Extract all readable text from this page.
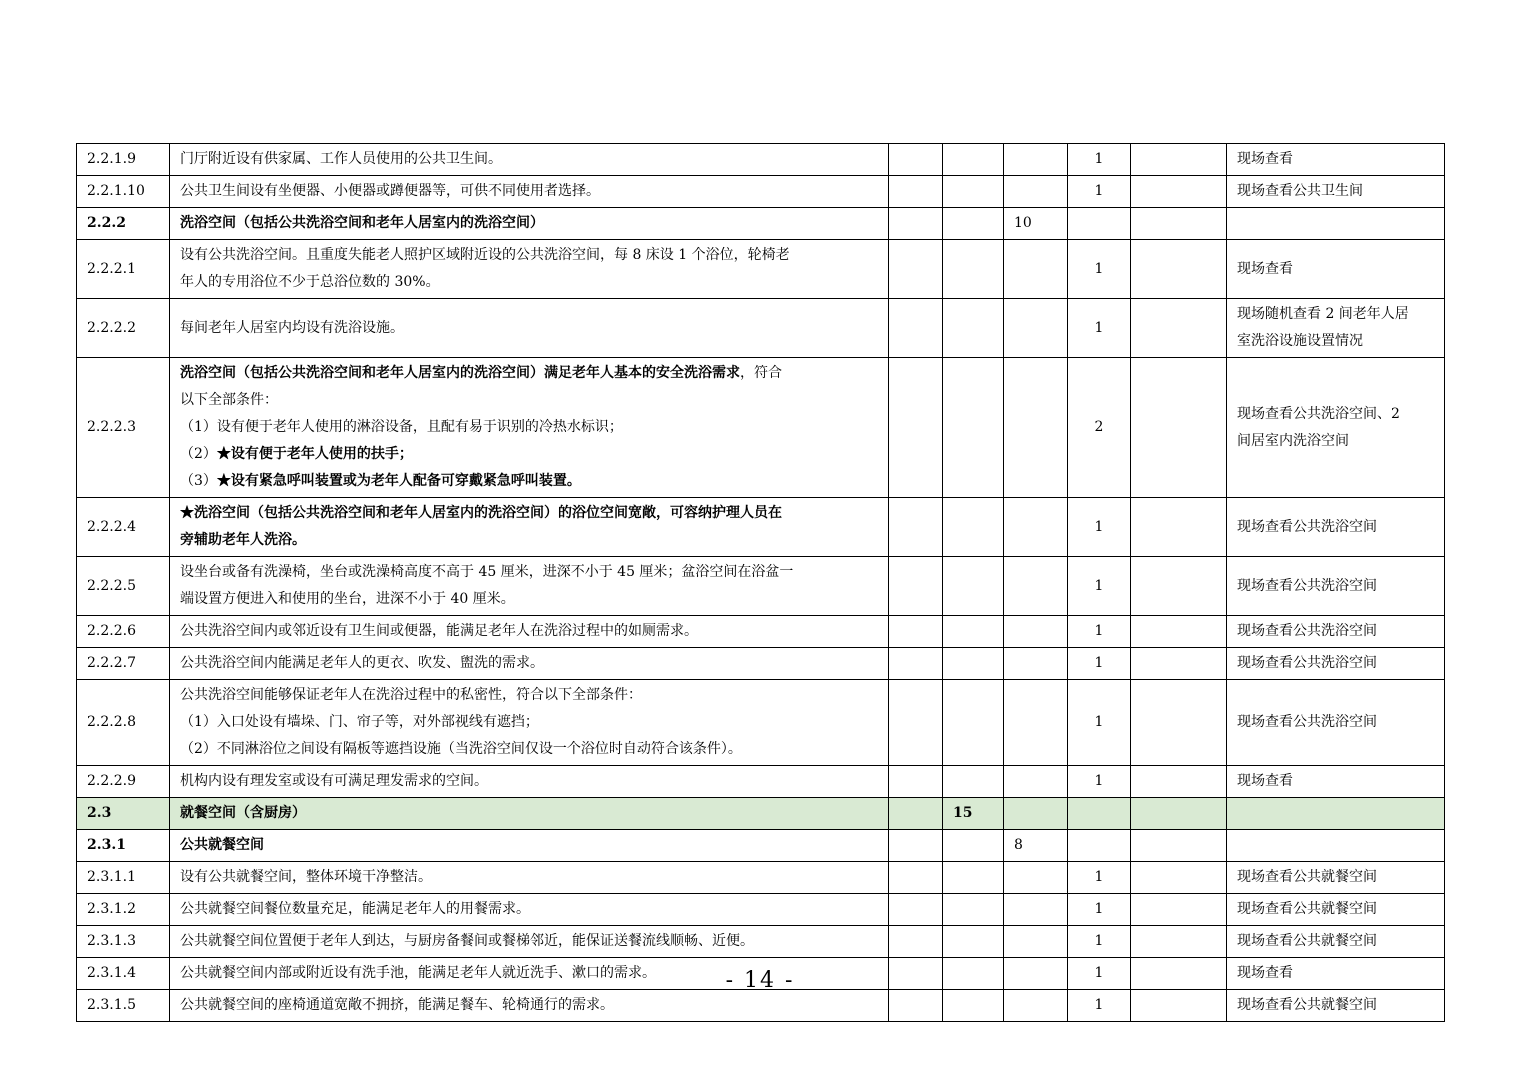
2.2.1.9	门厅附近设有供家属、工作人员使用的公共卫生间。				1		现场查看
2.2.1.10	公共卫生间设有坐便器、小便器或蹲便器等，可供不同使用者选择。				1		现场查看公共卫生间
2.2.2	洗浴空间（包括公共洗浴空间和老年人居室内的洗浴空间）			10			
2.2.2.1	设有公共洗浴空间。且重度失能老人照护区域附近设的公共洗浴空间，每 8 床设 1 个浴位，轮椅老
年人的专用浴位不少于总浴位数的 30%。				1		现场查看
2.2.2.2	每间老年人居室内均设有洗浴设施。				1		现场随机查看 2 间老年人居
室洗浴设施设置情况

2.2.2.3	洗浴空间（包括公共洗浴空间和老年人居室内的洗浴空间）满足老年人基本的安全洗浴需求，符合
以下全部条件：
（1）设有便于老年人使用的淋浴设备，且配有易于识别的冷热水标识；
（2）★设有便于老年人使用的扶手；
（3）★设有紧急呼叫装置或为老年人配备可穿戴紧急呼叫装置。				2		现场查看公共洗浴空间、2
间居室内洗浴空间

2.2.2.4	★洗浴空间（包括公共洗浴空间和老年人居室内的洗浴空间）的浴位空间宽敞，可容纳护理人员在
旁辅助老年人洗浴。				1		现场查看公共洗浴空间
2.2.2.5	设坐台或备有洗澡椅，坐台或洗澡椅高度不高于 45 厘米，进深不小于 45 厘米；盆浴空间在浴盆一
端设置方便进入和使用的坐台，进深不小于 40 厘米。				1		现场查看公共洗浴空间
2.2.2.6	公共洗浴空间内或邻近设有卫生间或便器，能满足老年人在洗浴过程中的如厕需求。				1		现场查看公共洗浴空间
2.2.2.7	公共洗浴空间内能满足老年人的更衣、吹发、盥洗的需求。				1		现场查看公共洗浴空间
2.2.2.8	公共洗浴空间能够保证老年人在洗浴过程中的私密性，符合以下全部条件：
（1）入口处设有墙垛、门、帘子等，对外部视线有遮挡；
（2）不同淋浴位之间设有隔板等遮挡设施（当洗浴空间仅设一个浴位时自动符合该条件）。				1		现场查看公共洗浴空间
2.2.2.9	机构内设有理发室或设有可满足理发需求的空间。				1		现场查看
2.3	就餐空间（含厨房）		15				
2.3.1	公共就餐空间			8			
2.3.1.1	设有公共就餐空间，整体环境干净整洁。				1		现场查看公共就餐空间
2.3.1.2	公共就餐空间餐位数量充足，能满足老年人的用餐需求。				1		现场查看公共就餐空间
2.3.1.3	公共就餐空间位置便于老年人到达，与厨房备餐间或餐梯邻近，能保证送餐流线顺畅、近便。				1		现场查看公共就餐空间
2.3.1.4	公共就餐空间内部或附近设有洗手池，能满足老年人就近洗手、漱口的需求。				1		现场查看
2.3.1.5	公共就餐空间的座椅通道宽敞不拥挤，能满足餐车、轮椅通行的需求。				1		现场查看公共就餐空间
- 14 -
